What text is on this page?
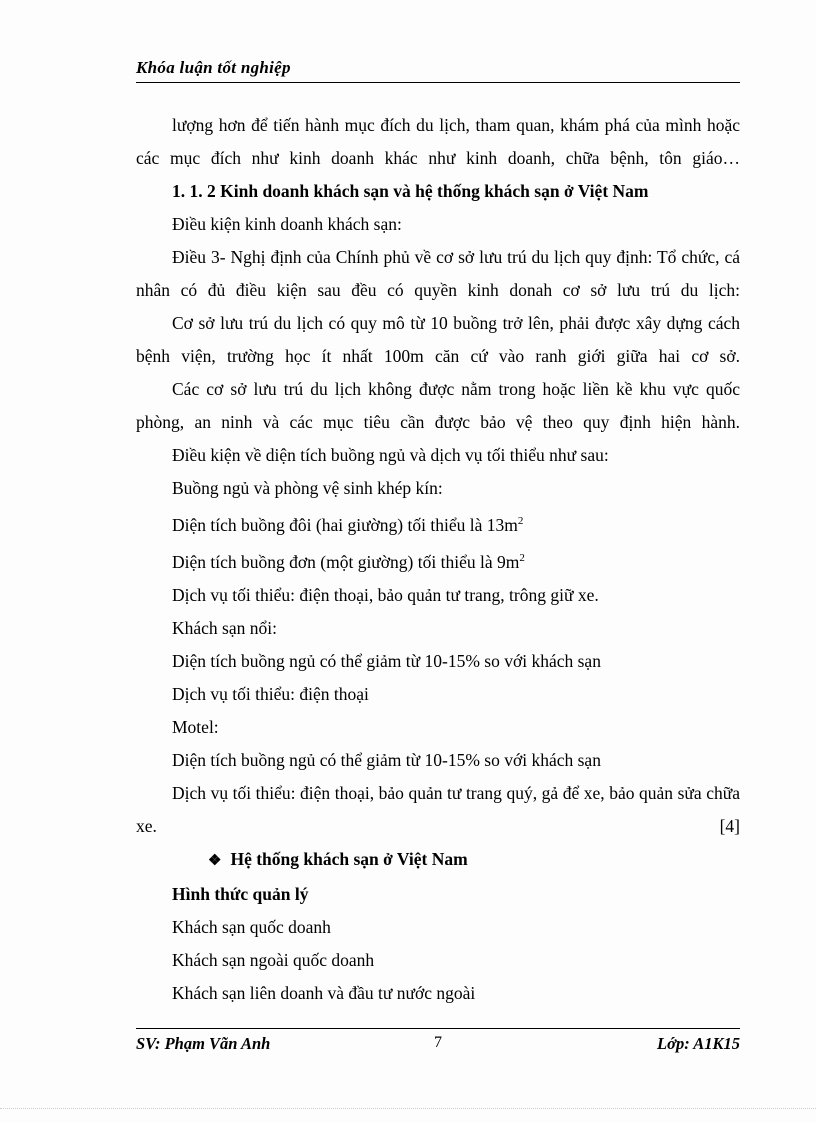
Khóa luận tốt nghiệp

lượng hơn để tiến hành mục đích du lịch, tham quan, khám phá của mình hoặc các mục đích như kinh doanh khác như kinh doanh, chữa bệnh, tôn giáo…

1. 1. 2 Kinh doanh khách sạn và hệ thống khách sạn ở Việt Nam

Điều kiện kinh doanh khách sạn:

Điều 3- Nghị định của Chính phủ về cơ sở lưu trú du lịch quy định: Tổ chức, cá nhân có đủ điều kiện sau đều có quyền kinh donah cơ sở lưu trú du lịch:

Cơ sở lưu trú du lịch có quy mô từ 10 buồng trở lên, phải được xây dựng cách bệnh viện, trường học ít nhất 100m căn cứ vào ranh giới giữa hai cơ sở.

Các cơ sở lưu trú du lịch không được nằm trong hoặc liền kề khu vực quốc phòng, an ninh và các mục tiêu cần được bảo vệ theo quy định hiện hành.

Điều kiện về diện tích buồng ngủ và dịch vụ tối thiểu như sau:

Buồng ngủ và phòng vệ sinh khép kín:

Diện tích buồng đôi (hai giường) tối thiểu là $13m^2$

Diện tích buồng đơn (một giường) tối thiểu là $9m^2$

Dịch vụ tối thiểu: điện thoại, bảo quản tư trang, trông giữ xe.

Khách sạn nổi:

Diện tích buồng ngủ có thể giảm từ 10-15% so với khách sạn

Dịch vụ tối thiểu: điện thoại

Motel:

Diện tích buồng ngủ có thể giảm từ 10-15% so với khách sạn

Dịch vụ tối thiểu: điện thoại, bảo quản tư trang quý, gả để xe, bảo quản sửa chữa xe. [4]

❖ Hệ thống khách sạn ở Việt Nam

Hình thức quản lý

Khách sạn quốc doanh

Khách sạn ngoài quốc doanh

Khách sạn liên doanh và đầu tư nước ngoài

SV: Phạm Vãn Anh	7	Lớp: A1K15
